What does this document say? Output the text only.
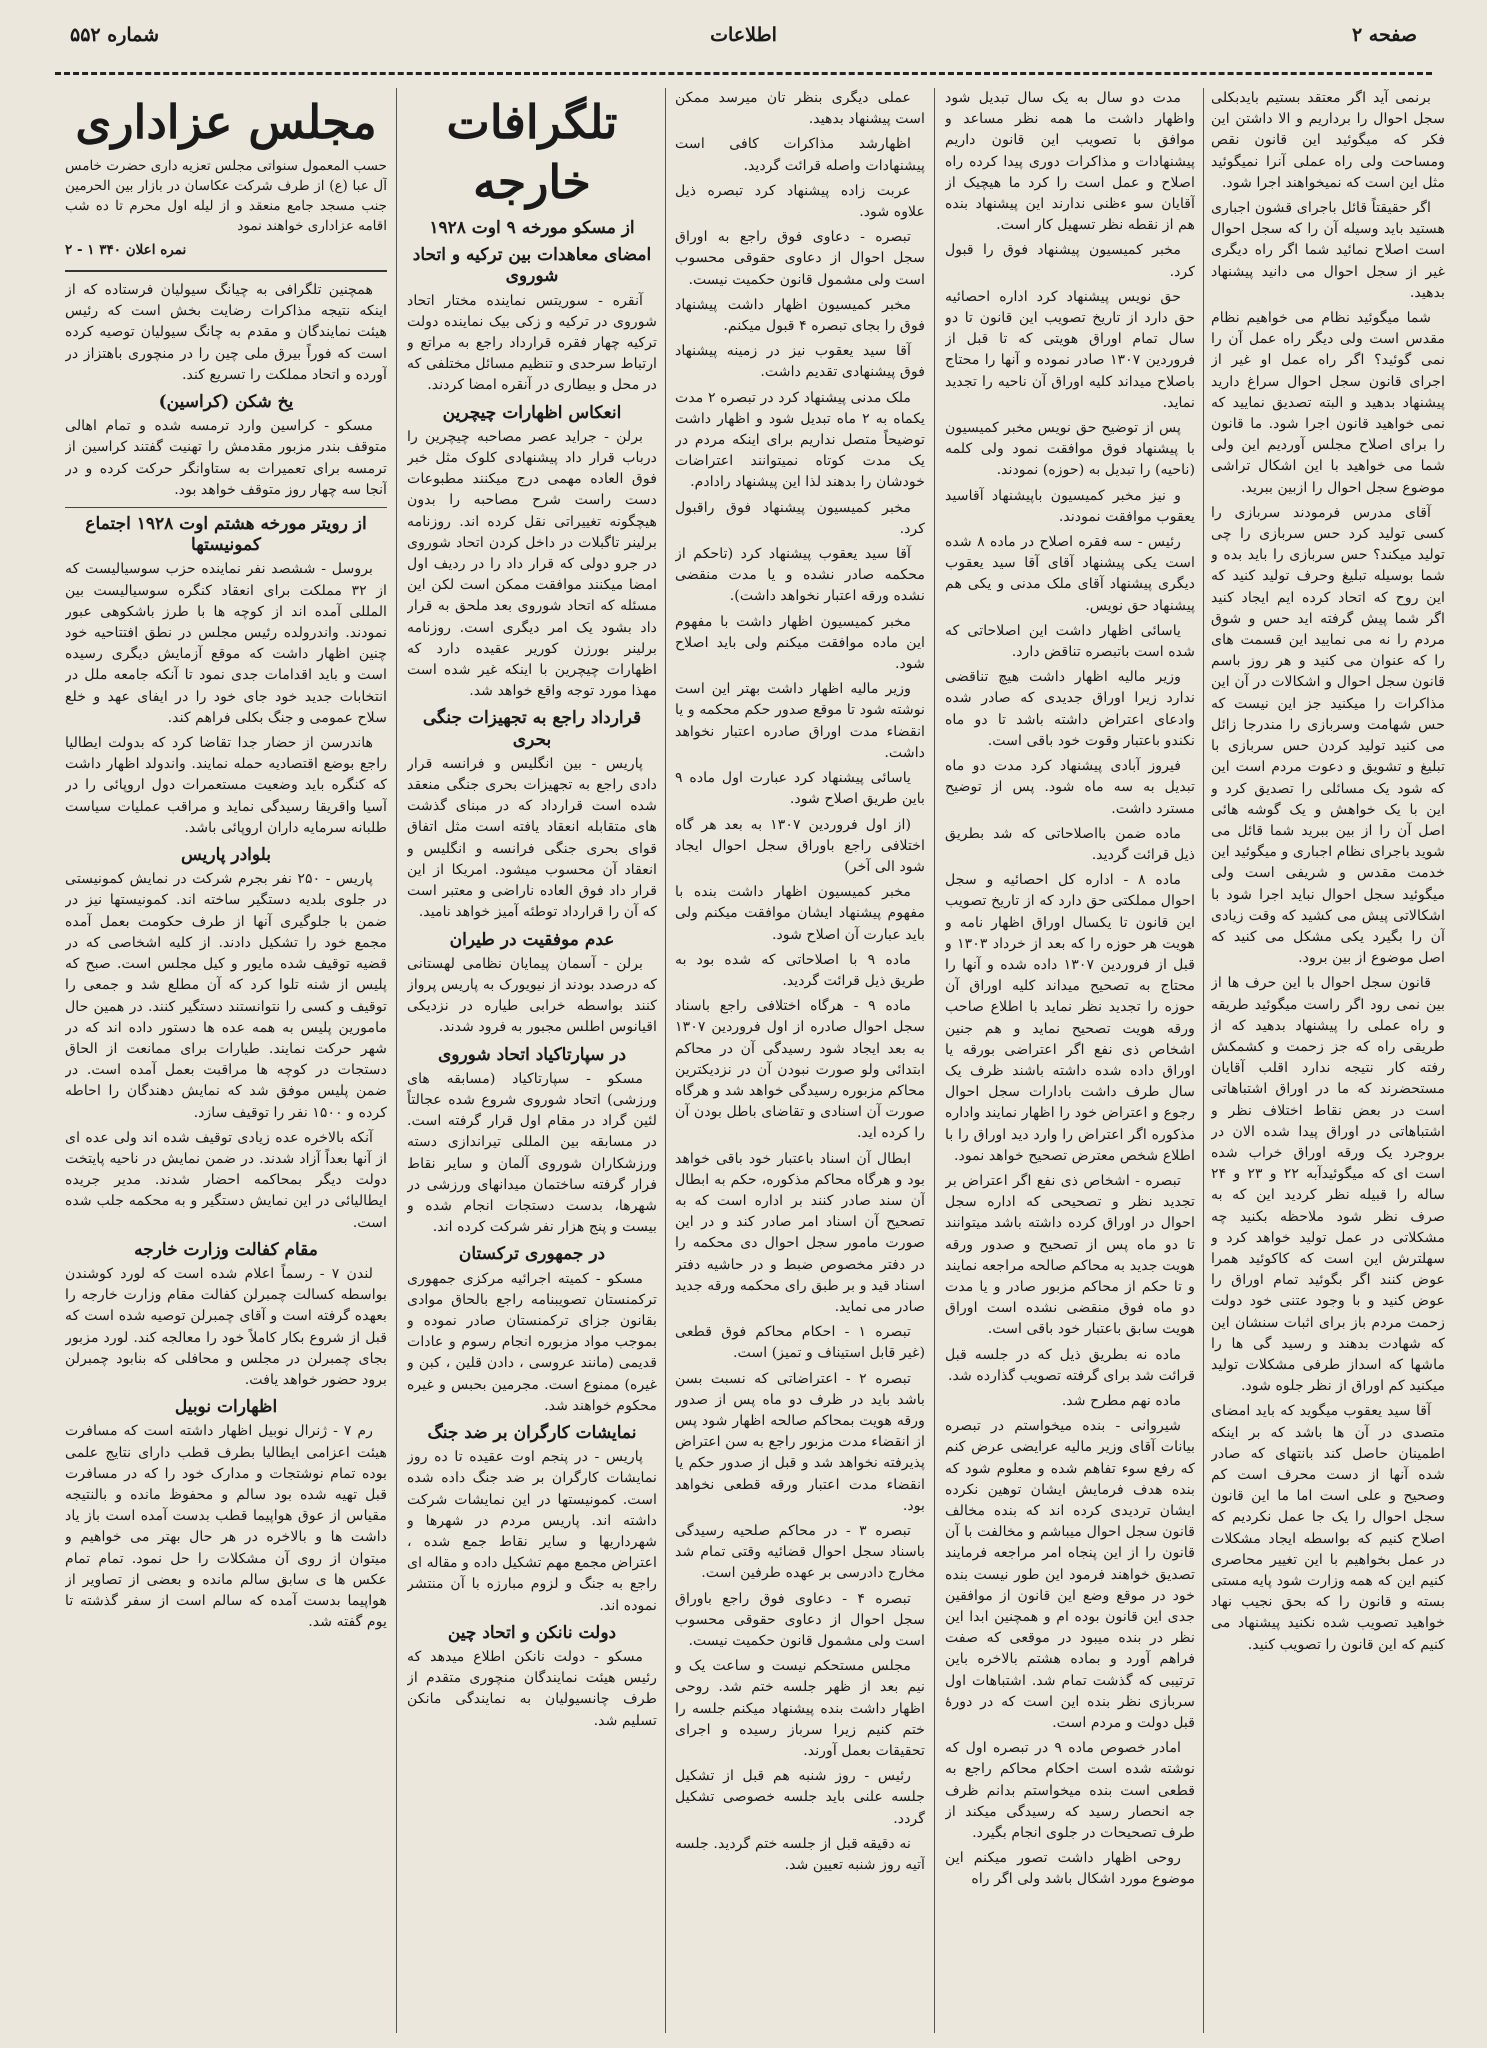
صفحه ۲
اطلاعات
شماره ۵۵۲

برنمی آید اگر معتقد بستیم بایدبکلی سجل احوال را برداریم و الا داشتن این فکر که میگوئید این قانون نقص ومساحت ولی راه عملی آنرا نمیگوئید مثل این است که نمیخواهند اجرا شود.

اگر حقیقتاً قائل باجرای قشون اجباری هستید باید وسیله آن را که سجل احوال است اصلاح نمائید شما اگر راه دیگری غیر از سجل احوال می دانید پیشنهاد بدهید.

شما میگوئید نظام می خواهیم نظام مقدس است ولی دیگر راه عمل آن را نمی گوئید؟ اگر راه عمل او غیر از اجرای قانون سجل احوال سراغ دارید پیشنهاد بدهید و البته تصدیق نمایید که نمی خواهید قانون اجرا شود. ما قانون را برای اصلاح مجلس آوردیم این ولی شما می خواهید با این اشکال تراشی موضوع سجل احوال را ازبین ببرید.

آقای مدرس فرمودند سربازی را کسی تولید کرد حس سربازی را چی تولید میکند؟ حس سربازی را باید بده و شما بوسیله تبلیغ وحرف تولید کنید که این روح که اتحاد کرده ایم ایجاد کنید اگر شما پیش گرفته اید حس و شوق مردم را نه می نمایید این قسمت های را که عنوان می کنید و هر روز باسم قانون سجل احوال و اشکالات در آن این مذاکرات را میکنید جز این نیست که حس شهامت وسربازی را مندرجا زائل می کنید تولید کردن حس سربازی با تبلیغ و تشویق و دعوت مردم است این که شود یک مسائلی را تصدیق کرد و این با یک خواهش و یک گوشه هائی اصل آن را از بین ببرید شما قائل می شوید باجرای نظام اجباری و میگوئید این خدمت مقدس و شریفی است ولی میگوئید سجل احوال نباید اجرا شود با اشکالاتی پیش می کشید که وقت زیادی آن را بگیرد یکی مشکل می کنید که اصل موضوع از بین برود.

قانون سجل احوال با این حرف ها از بین نمی رود اگر راست میگوئید طریقه و راه عملی را پیشنهاد بدهید که از طریقی راه که جز زحمت و کشمکش رفته کار نتیجه ندارد اقلب آقایان مستحضرند که ما در اوراق اشتباهاتی است در بعض نقاط اختلاف نظر و اشتباهاتی در اوراق پیدا شده الان در بروجرد یک ورقه اوراق خراب شده است ای که میگوئیدآبه ۲۲ و ۲۳ و ۲۴ ساله را قبیله نظر کردید این که به صرف نظر شود ملاحظه بکنید چه مشکلاتی در عمل تولید خواهد کرد و سهلترش این است که کاکوئید همرا عوض کنند اگر بگوئید تمام اوراق را عوض کنید و با وجود عتنی خود دولت زحمت مردم باز برای اثبات سنشان این که شهادت بدهند و رسید گی ها را ماشها که اسداز طرفی مشکلات تولید میکنید کم اوراق از نظر جلوه شود.

آقا سید یعقوب میگوید که باید امضای متصدی در آن ها باشد که بر اینکه اطمینان حاصل کند بانتهای که صادر شده آنها از دست محرف است کم وصحیح و علی است اما ما این قانون سجل احوال را یک جا عمل نکردیم که اصلاح کنیم که بواسطه ایجاد مشکلات در عمل بخواهیم با این تغییر محاصری کنیم این که همه وزارت شود پایه مستی بسته و قانون را که بحق نجیب نهاد خواهید تصویب شده نکنید پیشنهاد می کنیم که این قانون را تصویب کنید.

مدت دو سال به یک سال تبدیل شود واظهار داشت ما همه نظر مساعد و موافق با تصویب این قانون داریم پیشنهادات و مذاکرات دوری پیدا کرده راه اصلاح و عمل است را کرد ما هیچیک از آقایان سو ءظنی ندارند این پیشنهاد بنده هم از نقطه نظر تسهیل کار است.

مخبر کمیسیون پیشنهاد فوق را قبول کرد.

حق نویس پیشنهاد کرد اداره احصائیه حق دارد از تاریخ تصویب این قانون تا دو سال تمام اوراق هویتی که تا قبل از فروردین ۱۳۰۷ صادر نموده و آنها را محتاج باصلاح میداند کلیه اوراق آن ناحیه را تجدید نماید.

پس از توضیح حق نویس مخبر کمیسیون با پیشنهاد فوق موافقت نمود ولی کلمه (ناحیه) را تبدیل به (حوزه) نمودند.

و نیز مخبر کمیسیون باپیشنهاد آقاسید یعقوب موافقت نمودند.

رئیس - سه فقره اصلاح در ماده ۸ شده است یکی پیشنهاد آقای آقا سید یعقوب دیگری پیشنهاد آقای ملک مدنی و یکی هم پیشنهاد حق نویس.

یاسائی اظهار داشت این اصلاحاتی که شده است باتبصره تناقض دارد.

وزیر مالیه اظهار داشت هیچ تناقضی ندارد زیرا اوراق جدیدی که صادر شده وادعای اعتراض داشته باشد تا دو ماه نکندو باعتبار وقوت خود باقی است.

فیروز آبادی پیشنهاد کرد مدت دو ماه تبدیل به سه ماه شود. پس از توضیح مسترد داشت.

ماده ضمن بااصلاحاتی که شد بطریق ذیل قرائت گردید.

ماده ۸ - اداره کل احصائیه و سجل احوال مملکتی حق دارد که از تاریخ تصویب این قانون تا یکسال اوراق اظهار نامه و هویت هر حوزه را که بعد از خرداد ۱۳۰۳ و قبل از فروردین ۱۳۰۷ داده شده و آنها را محتاج به تصحیح میداند کلیه اوراق آن حوزه را تجدید نظر نماید با اطلاع صاحب ورقه هویت تصحیح نماید و هم جنین اشخاص ذی نفع اگر اعتراضی بورقه یا اوراق داده شده داشته باشند ظرف یک سال طرف داشت بادارات سجل احوال رجوع و اعتراض خود را اظهار نمایند واداره مذکوره اگر اعتراض را وارد دید اوراق را با اطلاع شخص معترض تصحیح خواهد نمود.

تبصره - اشخاص ذی نفع اگر اعتراض بر تجدید نظر و تصحیحی که اداره سجل احوال در اوراق کرده داشته باشد میتوانند تا دو ماه پس از تصحیح و صدور ورقه هویت جدید به محاکم صالحه مراجعه نمایند و تا حکم از محاکم مزبور صادر و یا مدت دو ماه فوق منقضی نشده است اوراق هویت سابق باعتبار خود باقی است.

ماده نه بطریق ذیل که در جلسه قبل قرائت شد برای گرفته تصویب گذارده شد.

ماده نهم مطرح شد.

شیروانی - بنده میخواستم در تبصره بیانات آقای وزیر مالیه عرایضی عرض کنم که رفع سوء تفاهم شده و معلوم شود که بنده هدف فرمایش ایشان توهین نکرده ایشان تردیدی کرده اند که بنده مخالف قانون سجل احوال میباشم و مخالفت با آن قانون را از این پنجاه امر مراجعه فرمایند تصدیق خواهند فرمود این طور نیست بنده خود در موقع وضع این قانون از موافقین جدی این قانون بوده ام و همچنین ابدا این نظر در بنده میبود در موقعی که صفت فراهم آورد و بماده هشتم بالاخره باین ترتیبی که گذشت تمام شد. اشتباهات اول سربازی نظر بنده این است که در دورهٔ قبل دولت و مردم است.

امادر خصوص ماده ۹ در تبصره اول که نوشته شده است احکام محاکم راجع به قطعی است بنده میخواستم بدانم ظرف جه انحصار رسید که رسیدگی میکند از طرف تصحیحات در جلوی انجام بگیرد.

روحی اظهار داشت تصور میکنم این موضوع مورد اشکال باشد ولی اگر راه

عملی دیگری بنظر تان میرسد ممکن است پیشنهاد بدهید.

اظهارشد مذاکرات کافی است پیشنهادات واصله قرائت گردید.

عربت زاده پیشنهاد کرد تبصره ذیل علاوه شود.

تبصره - دعاوی فوق راجع به اوراق سجل احوال از دعاوی حقوقی محسوب است ولی مشمول قانون حکمیت نیست.

مخبر کمیسیون اظهار داشت پیشنهاد فوق را بجای تبصره ۴ قبول میکنم.

آقا سید یعقوب نیز در زمینه پیشنهاد فوق پیشنهادی تقدیم داشت.

ملک مدنی پیشنهاد کرد در تبصره ۲ مدت یکماه به ۲ ماه تبدیل شود و اظهار داشت توضیحاً متصل نداریم برای اینکه مردم در یک مدت کوتاه نمیتوانند اعتراضات خودشان را بدهند لذا این پیشنهاد رادادم.

مخبر کمیسیون پیشنهاد فوق راقبول کرد.

آقا سید یعقوب پیشنهاد کرد (تاحکم از محکمه صادر نشده و یا مدت منقضی نشده ورقه اعتبار نخواهد داشت).

مخبر کمیسیون اظهار داشت با مفهوم این ماده موافقت میکنم ولی باید اصلاح شود.

وزیر مالیه اظهار داشت بهتر این است نوشته شود تا موقع صدور حکم محکمه و یا انقضاء مدت اوراق صادره اعتبار نخواهد داشت.

یاسائی پیشنهاد کرد عبارت اول ماده ۹ باین طریق اصلاح شود.

(از اول فروردین ۱۳۰۷ به بعد هر گاه اختلافی راجع باوراق سجل احوال ایجاد شود الی آخر)

مخبر کمیسیون اظهار داشت بنده با مفهوم پیشنهاد ایشان موافقت میکنم ولی باید عبارت آن اصلاح شود.

ماده ۹ با اصلاحاتی که شده بود به طریق ذیل قرائت گردید.

ماده ۹ - هرگاه اختلافی راجع باسناد سجل احوال صادره از اول فروردین ۱۳۰۷ به بعد ایجاد شود رسیدگی آن در محاکم ابتدائی ولو صورت نبودن آن در نزدیکترین محاکم مزبوره رسیدگی خواهد شد و هرگاه صورت آن اسنادی و تقاضای باطل بودن آن را کرده اید.

ابطال آن اسناد باعتبار خود باقی خواهد بود و هرگاه محاکم مذکوره، حکم به ابطال آن سند صادر کنند بر اداره است که به تصحیح آن اسناد امر صادر کند و در این صورت مامور سجل احوال دی محکمه را در دفتر مخصوص ضبط و در حاشیه دفتر اسناد قید و بر طبق رای محکمه ورقه جدید صادر می نماید.

تبصره ۱ - احکام محاکم فوق قطعی (غیر قابل استیناف و تمیز) است.

تبصره ۲ - اعتراضاتی که نسبت بسن باشد باید در ظرف دو ماه پس از صدور ورقه هویت بمحاکم صالحه اظهار شود پس از انقضاء مدت مزبور راجع به سن اعتراض پذیرفته نخواهد شد و قبل از صدور حکم یا انقضاء مدت اعتبار ورقه قطعی نخواهد بود.

تبصره ۳ - در محاکم صلحیه رسیدگی باسناد سجل احوال قضائیه وقتی تمام شد مخارج دادرسی بر عهده طرفین است.

تبصره ۴ - دعاوی فوق راجع باوراق سجل احوال از دعاوی حقوقی محسوب است ولی مشمول قانون حکمیت نیست.

مجلس مستحکم نیست و ساعت یک و نیم بعد از ظهر جلسه ختم شد. روحی اظهار داشت بنده پیشنهاد میکنم جلسه را ختم کنیم زیرا سرباز رسیده و اجرای تحقیقات بعمل آورند.

رئیس - روز شنبه هم قبل از تشکیل جلسه علنی باید جلسه خصوصی تشکیل گردد.

نه دقیقه قبل از جلسه ختم گردید. جلسه آتیه روز شنبه تعیین شد.

تلگرافات خارجه
از مسکو مورخه ۹ اوت ۱۹۲۸
امضای معاهدات بین ترکیه و اتحاد شوروی

آنقره - سوریتس نماینده مختار اتحاد شوروی در ترکیه و زکی بیک نماینده دولت ترکیه چهار فقره قرارداد راجع به مراتع و ارتباط سرحدی و تنظیم مسائل مختلفی که در محل و بیطاری در آنقره امضا کردند.

انعکاس اظهارات چیچرین

برلن - جراید عصر مصاحبه چیچرین را درباب قرار داد پیشنهادی کلوک مثل خبر فوق العاده مهمی درج میکنند مطبوعات دست راست شرح مصاحبه را بدون هیچگونه تغییراتی نقل کرده اند. روزنامه برلینر تاگبلات در داخل کردن اتحاد شوروی در جرو دولی که قرار داد را در ردیف اول امضا میکنند موافقت ممکن است لکن این مسئله که اتحاد شوروی بعد ملحق به قرار داد بشود یک امر دیگری است. روزنامه برلینر بورزن کوریر عقیده دارد که اظهارات چیچرین با اینکه غیر شده است مهذا مورد توجه واقع خواهد شد.

قرارداد راجع به تجهیزات جنگی بحری

پاریس - بین انگلیس و فرانسه قرار دادی راجع به تجهیزات بحری جنگی منعقد شده است قرارداد که در مبنای گذشت های متقابله انعقاد یافته است مثل اتفاق قوای بحری جنگی فرانسه و انگلیس و انعقاد آن محسوب میشود. امریکا از این قرار داد فوق العاده ناراضی و معتبر است که آن را قرارداد توطئه آمیز خواهد نامید.

عدم موفقیت در طیران

برلن - آسمان پیمایان نظامی لهستانی که درصدد بودند از نیویورک به پاریس پرواز کنند بواسطه خرابی طیاره در نزدیکی اقیانوس اطلس مجبور به فرود شدند.

در سپارتاکیاد اتحاد شوروی

مسکو - سپارتاکیاد (مسابقه های ورزشی) اتحاد شوروی شروع شده عجالتاً لئین گراد در مقام اول قرار گرفته است. در مسابقه بین المللی تیراندازی دسته ورزشکاران شوروی آلمان و سایر نقاط فرار گرفته ساختمان میدانهای ورزشی در شهرها، بدست دستجات انجام شده و بیست و پنج هزار نفر شرکت کرده اند.

در جمهوری ترکستان

مسکو - کمیته اجرائیه مرکزی جمهوری ترکمنستان تصویبنامه راجع بالحاق موادی بقانون جزای ترکمنستان صادر نموده و بموجب مواد مزبوره انجام رسوم و عادات قدیمی (مانند عروسی ، دادن قلین ، کبن و غیره) ممنوع است. مجرمین بحبس و غیره محکوم خواهند شد.

نمایشات کارگران بر ضد جنگ

پاریس - در پنجم اوت عقیده تا ده روز نمایشات کارگران بر ضد جنگ داده شده است. کمونیستها در این نمایشات شرکت داشته اند. پاریس مردم در شهرها و شهرداریها و سایر نقاط جمع شده ، اعتراض مجمع مهم تشکیل داده و مقاله ای راجع به جنگ و لزوم مبارزه با آن منتشر نموده اند.

دولت نانکن و اتحاد چین

مسکو - دولت نانکن اطلاع میدهد که رئیس هیئت نمایندگان منچوری متقدم از طرف چانسیولیان به نمایندگی مانکن تسلیم شد.

مجلس عزاداری

حسب المعمول سنواتی مجلس تعزیه داری حضرت خامس آل عبا (ع) از طرف شرکت عکاسان در بازار بین الحرمین جنب مسجد جامع منعقد و از لیله اول محرم تا ده شب اقامه عزاداری خواهند نمود

نمره اعلان ۳۴۰ ۱ - ۲

همچنین تلگرافی به چیانگ سیولیان فرستاده که از اینکه نتیجه مذاکرات رضایت بخش است که رئیس هیئت نمایندگان و مقدم به چانگ سیولیان توصیه کرده است که فوراً بیرق ملی چین را در منچوری باهتزاز در آورده و اتحاد مملکت را تسریع کند.

یخ شکن (کراسین)

مسکو - کراسین وارد ترمسه شده و تمام اهالی متوقف بندر مزبور مقدمش را تهنیت گفتند کراسین از ترمسه برای تعمیرات به ستاوانگر حرکت کرده و در آنجا سه چهار روز متوقف خواهد بود.

از رویتر مورخه هشتم اوت ۱۹۲۸ اجتماع کمونیستها

بروسل - ششصد نفر نماینده حزب سوسیالیست که از ۳۲ مملکت برای انعقاد کنگره سوسیالیست بین المللی آمده اند از کوچه ها با طرز باشکوهی عبور نمودند. واندرولده رئیس مجلس در نطق افتتاحیه خود چنین اظهار داشت که موقع آزمایش دیگری رسیده است و باید اقدامات جدی نمود تا آنکه جامعه ملل در انتخابات جدید خود جای خود را در ایفای عهد و خلع سلاح عمومی و جنگ بکلی فراهم کند.

هاندرسن از حضار جدا تقاضا کرد که بدولت ایطالیا راجع بوضع اقتصادیه حمله نمایند. واندولد اظهار داشت که کنگره باید وضعیت مستعمرات دول اروپائی را در آسیا واقریقا رسیدگی نماید و مراقب عملیات سیاست طلبانه سرمایه داران اروپائی باشد.

بلوادر پاریس

پاریس - ۲۵۰ نفر بجرم شرکت در نمایش کمونیستی در جلوی بلدیه دستگیر ساخته اند. کمونیستها نیز در ضمن با جلوگیری آنها از طرف حکومت بعمل آمده مجمع خود را تشکیل دادند. از کلیه اشخاصی که در قضیه توقیف شده مایور و کیل مجلس است. صبح که پلیس از شنه تلوا کرد که آن مطلع شد و جمعی را توقیف و کسی را نتوانستند دستگیر کنند. در همین حال مامورین پلیس به همه عده ها دستور داده اند که در شهر حرکت نمایند. طیارات برای ممانعت از الحاق دستجات در کوچه ها مراقبت بعمل آمده است. در ضمن پلیس موفق شد که نمایش دهندگان را احاطه کرده و ۱۵۰۰ نفر را توقیف سازد.

آنکه بالاخره عده زیادی توقیف شده اند ولی عده ای از آنها بعداً آزاد شدند. در ضمن نمایش در ناحیه پایتخت دولت دیگر بمحاکمه احضار شدند. مدیر جریده ایطالیائی در این نمایش دستگیر و به محکمه جلب شده است.

مقام کفالت وزارت خارجه

لندن ۷ - رسماً اعلام شده است که لورد کوشندن بواسطه کسالت چمبرلن کفالت مقام وزارت خارجه را بعهده گرفته است و آقای چمبرلن توصیه شده است که قبل از شروع بکار کاملاً خود را معالجه کند. لورد مزبور بجای چمبرلن در مجلس و محافلی که بنابود چمبرلن برود حضور خواهد یافت.

اظهارات نوبیل

رم ۷ - ژنرال نوبیل اظهار داشته است که مسافرت هیئت اعزامی ایطالیا بطرف قطب دارای نتایج علمی بوده تمام نوشتجات و مدارک خود را که در مسافرت قبل تهیه شده بود سالم و محفوظ مانده و بالنتیجه مقیاس از عوق هواپیما قطب بدست آمده است باز یاد داشت ها و بالاخره در هر حال بهتر می خواهیم و میتوان از روی آن مشکلات را حل نمود. تمام تمام عکس ها ی سابق سالم مانده و بعضی از تصاویر از هواپیما بدست آمده که سالم است از سفر گذشته تا یوم گفته شد.
